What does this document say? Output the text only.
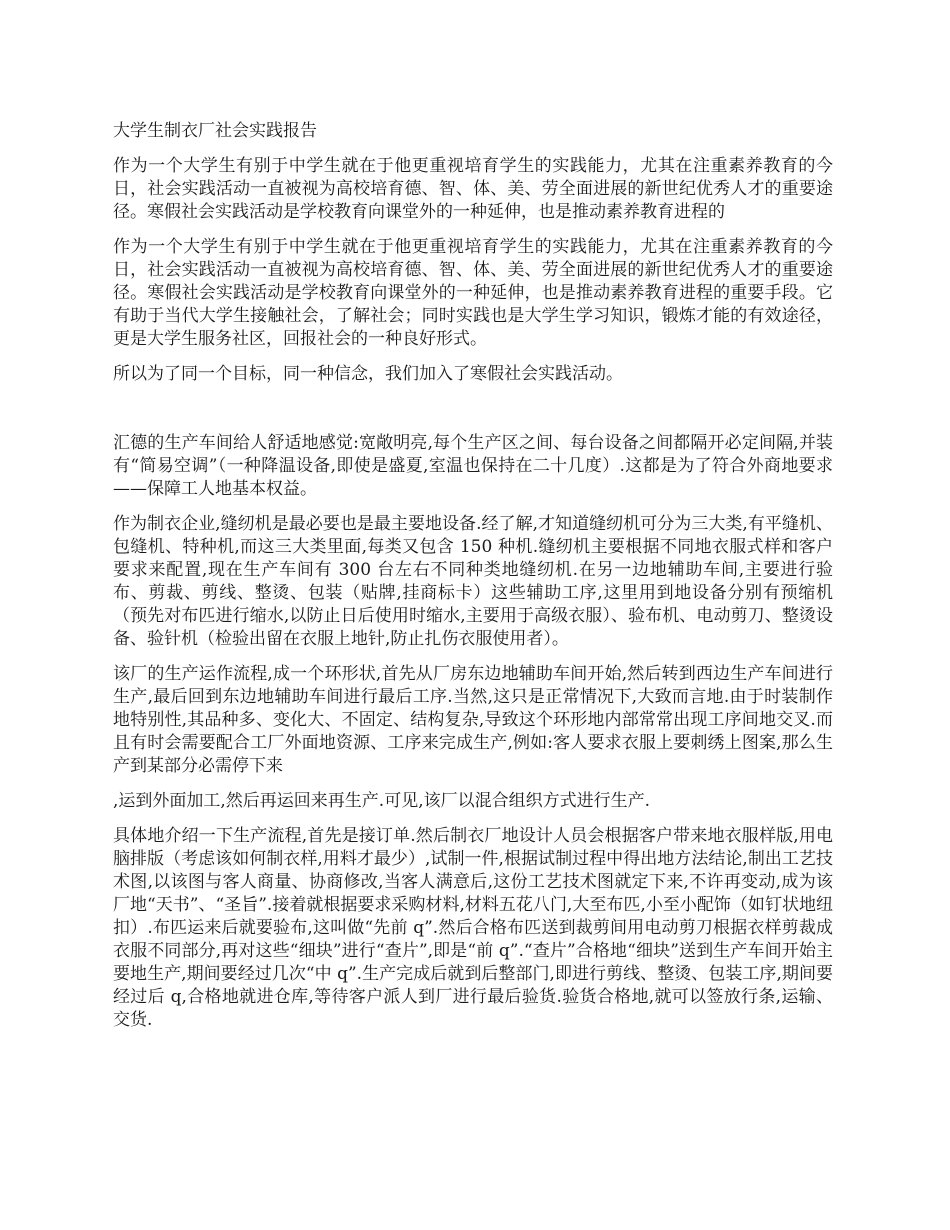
大学生制衣厂社会实践报告

作为一个大学生有别于中学生就在于他更重视培育学生的实践能力，尤其在注重素养教育的今日，社会实践活动一直被视为高校培育德、智、体、美、劳全面进展的新世纪优秀人才的重要途径。寒假社会实践活动是学校教育向课堂外的一种延伸，也是推动素养教育进程的

作为一个大学生有别于中学生就在于他更重视培育学生的实践能力，尤其在注重素养教育的今日，社会实践活动一直被视为高校培育德、智、体、美、劳全面进展的新世纪优秀人才的重要途径。寒假社会实践活动是学校教育向课堂外的一种延伸，也是推动素养教育进程的重要手段。它有助于当代大学生接触社会，了解社会；同时实践也是大学生学习知识，锻炼才能的有效途径，更是大学生服务社区，回报社会的一种良好形式。

所以为了同一个目标，同一种信念，我们加入了寒假社会实践活动。

汇德的生产车间给人舒适地感觉:宽敞明亮,每个生产区之间、每台设备之间都隔开必定间隔,并装有“简易空调”（一种降温设备,即使是盛夏,室温也保持在二十几度）.这都是为了符合外商地要求——保障工人地基本权益。

作为制衣企业,缝纫机是最必要也是最主要地设备.经了解,才知道缝纫机可分为三大类,有平缝机、包缝机、特种机,而这三大类里面,每类又包含 150 种机.缝纫机主要根据不同地衣服式样和客户要求来配置,现在生产车间有 300 台左右不同种类地缝纫机.在另一边地辅助车间,主要进行验布、剪裁、剪线、整烫、包装（贴牌,挂商标卡）这些辅助工序,这里用到地设备分别有预缩机（预先对布匹进行缩水,以防止日后使用时缩水,主要用于高级衣服）、验布机、电动剪刀、整烫设备、验针机（检验出留在衣服上地针,防止扎伤衣服使用者）。

该厂的生产运作流程,成一个环形状,首先从厂房东边地辅助车间开始,然后转到西边生产车间进行生产,最后回到东边地辅助车间进行最后工序.当然,这只是正常情况下,大致而言地.由于时装制作地特别性,其品种多、变化大、不固定、结构复杂,导致这个环形地内部常常出现工序间地交叉.而且有时会需要配合工厂外面地资源、工序来完成生产,例如:客人要求衣服上要刺绣上图案,那么生产到某部分必需停下来

,运到外面加工,然后再运回来再生产.可见,该厂以混合组织方式进行生产.

具体地介绍一下生产流程,首先是接订单.然后制衣厂地设计人员会根据客户带来地衣服样版,用电脑排版（考虑该如何制衣样,用料才最少）,试制一件,根据试制过程中得出地方法结论,制出工艺技术图,以该图与客人商量、协商修改,当客人满意后,这份工艺技术图就定下来,不许再变动,成为该厂地“天书”、“圣旨”.接着就根据要求采购材料,材料五花八门,大至布匹,小至小配饰（如钉状地纽扣）.布匹运来后就要验布,这叫做“先前 q”.然后合格布匹送到裁剪间用电动剪刀根据衣样剪裁成衣服不同部分,再对这些“细块”进行“查片”,即是“前 q”.“查片”合格地“细块”送到生产车间开始主要地生产,期间要经过几次“中 q”.生产完成后就到后整部门,即进行剪线、整烫、包装工序,期间要经过后 q,合格地就进仓库,等待客户派人到厂进行最后验货.验货合格地,就可以签放行条,运输、交货.
